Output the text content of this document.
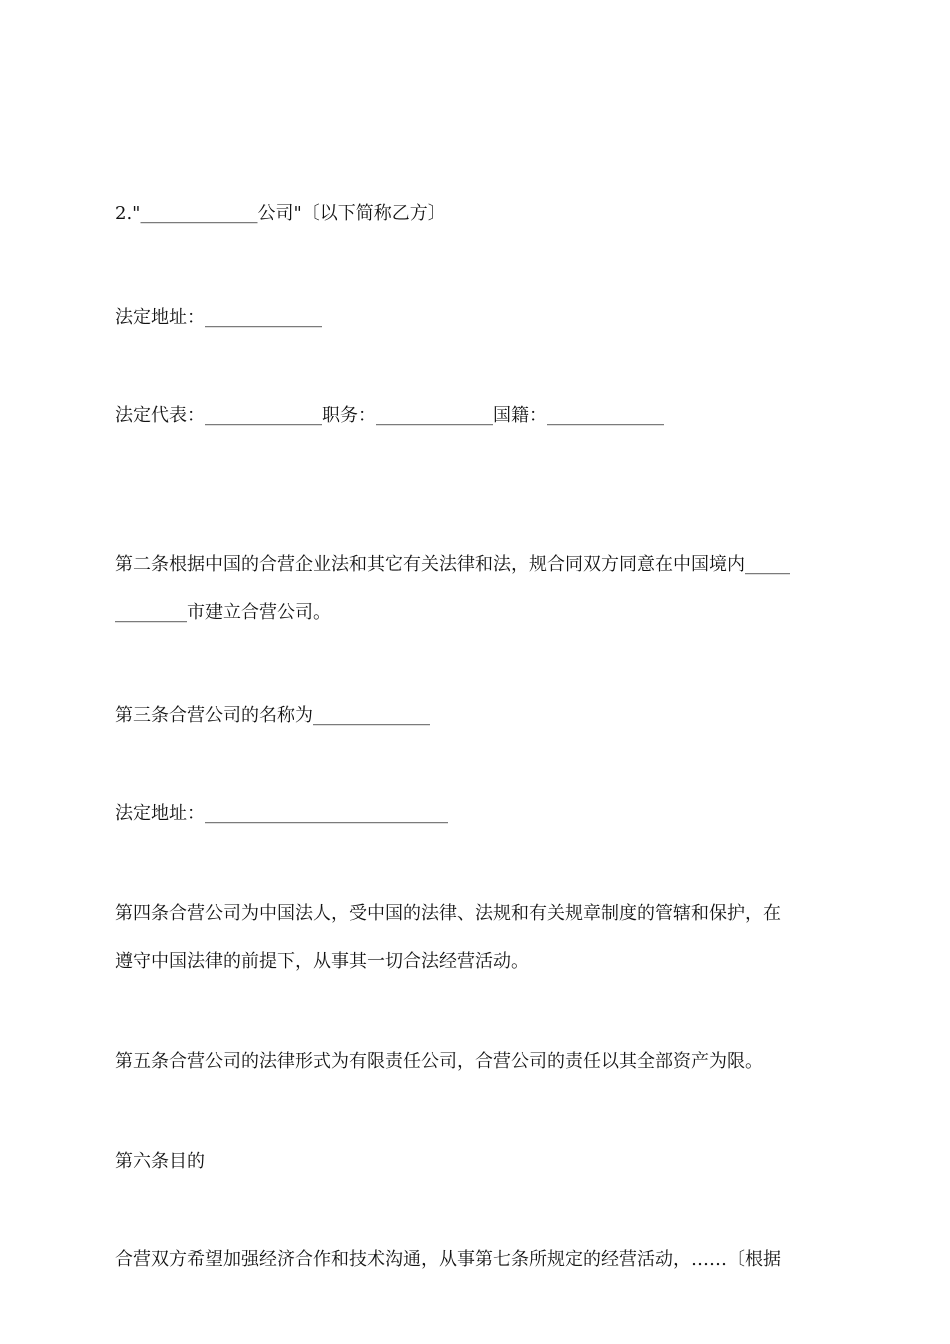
2."_____________公司"〔以下简称乙方〕
法定地址：_____________
法定代表：_____________职务：_____________国籍：_____________
第二条根据中国的合营企业法和其它有关法律和法，规合同双方同意在中国境内_____
________市建立合营公司。
第三条合营公司的名称为_____________
法定地址：___________________________
第四条合营公司为中国法人，受中国的法律、法规和有关规章制度的管辖和保护，在
遵守中国法律的前提下，从事其一切合法经营活动。
第五条合营公司的法律形式为有限责任公司，合营公司的责任以其全部资产为限。
第六条目的
合营双方希望加强经济合作和技术沟通，从事第七条所规定的经营活动，……〔根据
